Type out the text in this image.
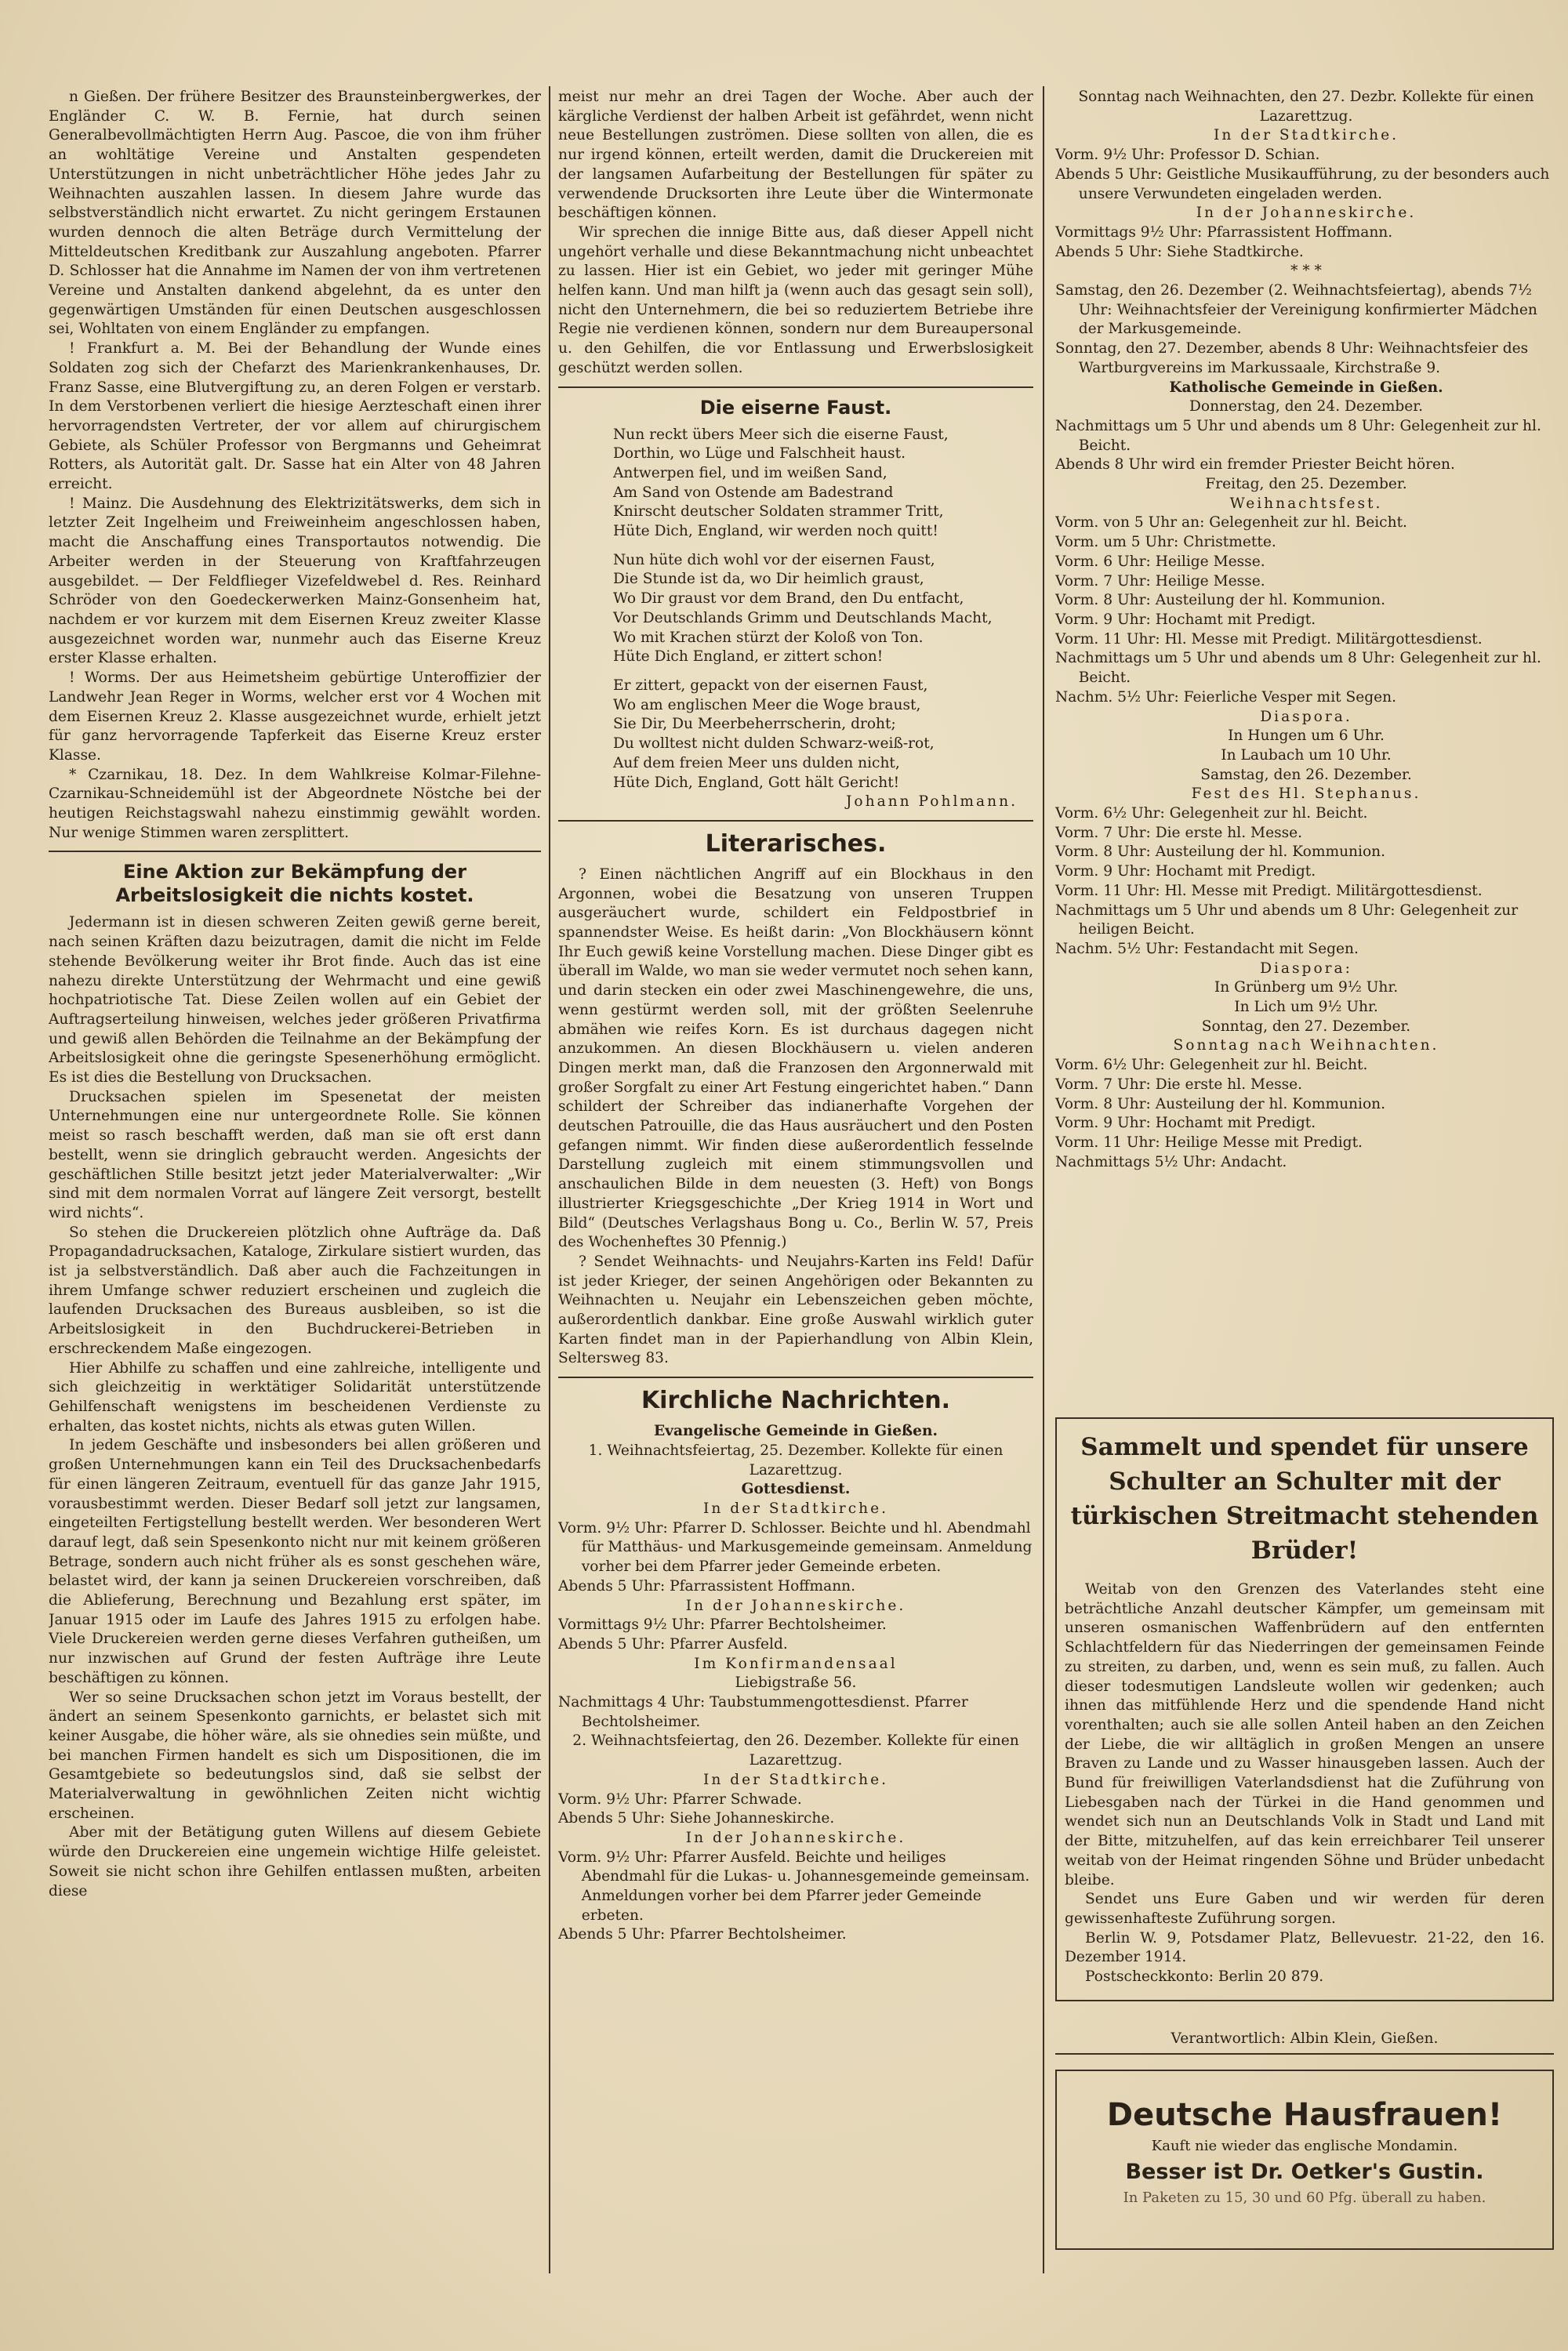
n Gießen. Der frühere Besitzer des Braunsteinbergwerkes, der Engländer C. W. B. Fernie, hat durch seinen Generalbevollmächtigten Herrn Aug. Pascoe, die von ihm früher an wohltätige Vereine und Anstalten gespendeten Unterstützungen in nicht unbeträchtlicher Höhe jedes Jahr zu Weihnachten auszahlen lassen. In diesem Jahre wurde das selbstverständlich nicht erwartet. Zu nicht geringem Erstaunen wurden dennoch die alten Beträge durch Vermittelung der Mitteldeutschen Kreditbank zur Auszahlung angeboten. Pfarrer D. Schlosser hat die Annahme im Namen der von ihm vertretenen Vereine und Anstalten dankend abgelehnt, da es unter den gegenwärtigen Umständen für einen Deutschen ausgeschlossen sei, Wohltaten von einem Engländer zu empfangen.
! Frankfurt a. M. Bei der Behandlung der Wunde eines Soldaten zog sich der Chefarzt des Marienkrankenhauses, Dr. Franz Sasse, eine Blutvergiftung zu, an deren Folgen er verstarb. In dem Verstorbenen verliert die hiesige Aerzteschaft einen ihrer hervorragendsten Vertreter, der vor allem auf chirurgischem Gebiete, als Schüler Professor von Bergmanns und Geheimrat Rotters, als Autorität galt. Dr. Sasse hat ein Alter von 48 Jahren erreicht.
! Mainz. Die Ausdehnung des Elektrizitätswerks, dem sich in letzter Zeit Ingelheim und Freiweinheim angeschlossen haben, macht die Anschaffung eines Transportautos notwendig. Die Arbeiter werden in der Steuerung von Kraftfahrzeugen ausgebildet. — Der Feldflieger Vizefeldwebel d. Res. Reinhard Schröder von den Goedeckerwerken Mainz-Gonsenheim hat, nachdem er vor kurzem mit dem Eisernen Kreuz zweiter Klasse ausgezeichnet worden war, nunmehr auch das Eiserne Kreuz erster Klasse erhalten.
! Worms. Der aus Heimetsheim gebürtige Unteroffizier der Landwehr Jean Reger in Worms, welcher erst vor 4 Wochen mit dem Eisernen Kreuz 2. Klasse ausgezeichnet wurde, erhielt jetzt für ganz hervorragende Tapferkeit das Eiserne Kreuz erster Klasse.
* Czarnikau, 18. Dez. In dem Wahlkreise Kolmar-Filehne-Czarnikau-Schneidemühl ist der Abgeordnete Nöstche bei der heutigen Reichstagswahl nahezu einstimmig gewählt worden. Nur wenige Stimmen waren zersplittert.
Eine Aktion zur Bekämpfung der Arbeitslosigkeit die nichts kostet.
Jedermann ist in diesen schweren Zeiten gewiß gerne bereit, nach seinen Kräften dazu beizutragen, damit die nicht im Felde stehende Bevölkerung weiter ihr Brot finde. Auch das ist eine nahezu direkte Unterstützung der Wehrmacht und eine gewiß hochpatriotische Tat. Diese Zeilen wollen auf ein Gebiet der Auftragserteilung hinweisen, welches jeder größeren Privatfirma und gewiß allen Behörden die Teilnahme an der Bekämpfung der Arbeitslosigkeit ohne die geringste Spesenerhöhung ermöglicht. Es ist dies die Bestellung von Drucksachen.
Drucksachen spielen im Spesenetat der meisten Unternehmungen eine nur untergeordnete Rolle. Sie können meist so rasch beschafft werden, daß man sie oft erst dann bestellt, wenn sie dringlich gebraucht werden. Angesichts der geschäftlichen Stille besitzt jetzt jeder Materialverwalter: „Wir sind mit dem normalen Vorrat auf längere Zeit versorgt, bestellt wird nichts“.
So stehen die Druckereien plötzlich ohne Aufträge da. Daß Propagandadrucksachen, Kataloge, Zirkulare sistiert wurden, das ist ja selbstverständlich. Daß aber auch die Fachzeitungen in ihrem Umfange schwer reduziert erscheinen und zugleich die laufenden Drucksachen des Bureaus ausbleiben, so ist die Arbeitslosigkeit in den Buchdruckerei-Betrieben in erschreckendem Maße eingezogen.
Hier Abhilfe zu schaffen und eine zahlreiche, intelligente und sich gleichzeitig in werktätiger Solidarität unterstützende Gehilfenschaft wenigstens im bescheidenen Verdienste zu erhalten, das kostet nichts, nichts als etwas guten Willen.
In jedem Geschäfte und insbesonders bei allen größeren und großen Unternehmungen kann ein Teil des Drucksachenbedarfs für einen längeren Zeitraum, eventuell für das ganze Jahr 1915, vorausbestimmt werden. Dieser Bedarf soll jetzt zur langsamen, eingeteilten Fertigstellung bestellt werden. Wer besonderen Wert darauf legt, daß sein Spesenkonto nicht nur mit keinem größeren Betrage, sondern auch nicht früher als es sonst geschehen wäre, belastet wird, der kann ja seinen Druckereien vorschreiben, daß die Ablieferung, Berechnung und Bezahlung erst später, im Januar 1915 oder im Laufe des Jahres 1915 zu erfolgen habe. Viele Druckereien werden gerne dieses Verfahren gutheißen, um nur inzwischen auf Grund der festen Aufträge ihre Leute beschäftigen zu können.
Wer so seine Drucksachen schon jetzt im Voraus bestellt, der ändert an seinem Spesenkonto garnichts, er belastet sich mit keiner Ausgabe, die höher wäre, als sie ohnedies sein müßte, und bei manchen Firmen handelt es sich um Dispositionen, die im Gesamtgebiete so bedeutungslos sind, daß sie selbst der Materialverwaltung in gewöhnlichen Zeiten nicht wichtig erscheinen.
Aber mit der Betätigung guten Willens auf diesem Gebiete würde den Druckereien eine ungemein wichtige Hilfe geleistet. Soweit sie nicht schon ihre Gehilfen entlassen mußten, arbeiten diese
meist nur mehr an drei Tagen der Woche. Aber auch der kärgliche Verdienst der halben Arbeit ist gefährdet, wenn nicht neue Bestellungen zuströmen. Diese sollten von allen, die es nur irgend können, erteilt werden, damit die Druckereien mit der langsamen Aufarbeitung der Bestellungen für später zu verwendende Drucksorten ihre Leute über die Wintermonate beschäftigen können.
Wir sprechen die innige Bitte aus, daß dieser Appell nicht ungehört verhalle und diese Bekanntmachung nicht unbeachtet zu lassen. Hier ist ein Gebiet, wo jeder mit geringer Mühe helfen kann. Und man hilft ja (wenn auch das gesagt sein soll), nicht den Unternehmern, die bei so reduziertem Betriebe ihre Regie nie verdienen können, sondern nur dem Bureaupersonal u. den Gehilfen, die vor Entlassung und Erwerbslosigkeit geschützt werden sollen.
Die eiserne Faust.
Nun reckt übers Meer sich die eiserne Faust,
Dorthin, wo Lüge und Falschheit haust.
Antwerpen fiel, und im weißen Sand,
Am Sand von Ostende am Badestrand
Knirscht deutscher Soldaten strammer Tritt,
Hüte Dich, England, wir werden noch quitt!
Nun hüte dich wohl vor der eisernen Faust,
Die Stunde ist da, wo Dir heimlich graust,
Wo Dir graust vor dem Brand, den Du entfacht,
Vor Deutschlands Grimm und Deutschlands Macht,
Wo mit Krachen stürzt der Koloß von Ton.
Hüte Dich England, er zittert schon!
Er zittert, gepackt von der eisernen Faust,
Wo am englischen Meer die Woge braust,
Sie Dir, Du Meerbeherrscherin, droht;
Du wolltest nicht dulden Schwarz-weiß-rot,
Auf dem freien Meer uns dulden nicht,
Hüte Dich, England, Gott hält Gericht!
Johann Pohlmann.
Literarisches.
? Einen nächtlichen Angriff auf ein Blockhaus in den Argonnen, wobei die Besatzung von unseren Truppen ausgeräuchert wurde, schildert ein Feldpostbrief in spannendster Weise. Es heißt darin: „Von Blockhäusern könnt Ihr Euch gewiß keine Vorstellung machen. Diese Dinger gibt es überall im Walde, wo man sie weder vermutet noch sehen kann, und darin stecken ein oder zwei Maschinengewehre, die uns, wenn gestürmt werden soll, mit der größten Seelenruhe abmähen wie reifes Korn. Es ist durchaus dagegen nicht anzukommen. An diesen Blockhäusern u. vielen anderen Dingen merkt man, daß die Franzosen den Argonnerwald mit großer Sorgfalt zu einer Art Festung eingerichtet haben.“ Dann schildert der Schreiber das indianerhafte Vorgehen der deutschen Patrouille, die das Haus ausräuchert und den Posten gefangen nimmt. Wir finden diese außerordentlich fesselnde Darstellung zugleich mit einem stimmungsvollen und anschaulichen Bilde in dem neuesten (3. Heft) von Bongs illustrierter Kriegsgeschichte „Der Krieg 1914 in Wort und Bild“ (Deutsches Verlagshaus Bong u. Co., Berlin W. 57, Preis des Wochenheftes 30 Pfennig.)
? Sendet Weihnachts- und Neujahrs-Karten ins Feld! Dafür ist jeder Krieger, der seinen Angehörigen oder Bekannten zu Weihnachten u. Neujahr ein Lebenszeichen geben möchte, außerordentlich dankbar. Eine große Auswahl wirklich guter Karten findet man in der Papierhandlung von Albin Klein, Seltersweg 83.
Kirchliche Nachrichten.
Evangelische Gemeinde in Gießen.
1. Weihnachtsfeiertag, 25. Dezember. Kollekte für einen Lazarettzug.
Gottesdienst.
In der Stadtkirche.
Vorm. 9½ Uhr: Pfarrer D. Schlosser. Beichte und hl. Abendmahl für Matthäus- und Markusgemeinde gemeinsam. Anmeldung vorher bei dem Pfarrer jeder Gemeinde erbeten.
Abends 5 Uhr: Pfarrassistent Hoffmann.
In der Johanneskirche.
Vormittags 9½ Uhr: Pfarrer Bechtolsheimer.
Abends 5 Uhr: Pfarrer Ausfeld.
Im Konfirmandensaal
Liebigstraße 56.
Nachmittags 4 Uhr: Taubstummengottesdienst. Pfarrer Bechtolsheimer.
2. Weihnachtsfeiertag, den 26. Dezember. Kollekte für einen Lazarettzug.
In der Stadtkirche.
Vorm. 9½ Uhr: Pfarrer Schwade.
Abends 5 Uhr: Siehe Johanneskirche.
In der Johanneskirche.
Vorm. 9½ Uhr: Pfarrer Ausfeld. Beichte und heiliges Abendmahl für die Lukas- u. Johannesgemeinde gemeinsam. Anmeldungen vorher bei dem Pfarrer jeder Gemeinde erbeten.
Abends 5 Uhr: Pfarrer Bechtolsheimer.
Sonntag nach Weihnachten, den 27. Dezbr. Kollekte für einen Lazarettzug.
In der Stadtkirche.
Vorm. 9½ Uhr: Professor D. Schian.
Abends 5 Uhr: Geistliche Musikaufführung, zu der besonders auch unsere Verwundeten eingeladen werden.
In der Johanneskirche.
Vormittags 9½ Uhr: Pfarrassistent Hoffmann.
Abends 5 Uhr: Siehe Stadtkirche.
* * *
Samstag, den 26. Dezember (2. Weihnachtsfeiertag), abends 7½ Uhr: Weihnachtsfeier der Vereinigung konfirmierter Mädchen der Markusgemeinde.
Sonntag, den 27. Dezember, abends 8 Uhr: Weihnachtsfeier des Wartburgvereins im Markussaale, Kirchstraße 9.
Katholische Gemeinde in Gießen.
Donnerstag, den 24. Dezember.
Nachmittags um 5 Uhr und abends um 8 Uhr: Gelegenheit zur hl. Beicht.
Abends 8 Uhr wird ein fremder Priester Beicht hören.
Freitag, den 25. Dezember.
Weihnachtsfest.
Vorm. von 5 Uhr an: Gelegenheit zur hl. Beicht.
Vorm. um 5 Uhr: Christmette.
Vorm. 6 Uhr: Heilige Messe.
Vorm. 7 Uhr: Heilige Messe.
Vorm. 8 Uhr: Austeilung der hl. Kommunion.
Vorm. 9 Uhr: Hochamt mit Predigt.
Vorm. 11 Uhr: Hl. Messe mit Predigt. Militärgottesdienst.
Nachmittags um 5 Uhr und abends um 8 Uhr: Gelegenheit zur hl. Beicht.
Nachm. 5½ Uhr: Feierliche Vesper mit Segen.
Diaspora.
In Hungen um 6 Uhr.
In Laubach um 10 Uhr.
Samstag, den 26. Dezember.
Fest des Hl. Stephanus.
Vorm. 6½ Uhr: Gelegenheit zur hl. Beicht.
Vorm. 7 Uhr: Die erste hl. Messe.
Vorm. 8 Uhr: Austeilung der hl. Kommunion.
Vorm. 9 Uhr: Hochamt mit Predigt.
Vorm. 11 Uhr: Hl. Messe mit Predigt. Militärgottesdienst.
Nachmittags um 5 Uhr und abends um 8 Uhr: Gelegenheit zur heiligen Beicht.
Nachm. 5½ Uhr: Festandacht mit Segen.
Diaspora:
In Grünberg um 9½ Uhr.
In Lich um 9½ Uhr.
Sonntag, den 27. Dezember.
Sonntag nach Weihnachten.
Vorm. 6½ Uhr: Gelegenheit zur hl. Beicht.
Vorm. 7 Uhr: Die erste hl. Messe.
Vorm. 8 Uhr: Austeilung der hl. Kommunion.
Vorm. 9 Uhr: Hochamt mit Predigt.
Vorm. 11 Uhr: Heilige Messe mit Predigt.
Nachmittags 5½ Uhr: Andacht.
Sammelt und spendet für unsere Schulter an Schulter mit der türkischen Streitmacht stehenden Brüder!

Weitab von den Grenzen des Vaterlandes steht eine beträchtliche Anzahl deutscher Kämpfer, um gemeinsam mit unseren osmanischen Waffenbrüdern auf den entfernten Schlachtfeldern für das Niederringen der gemeinsamen Feinde zu streiten, zu darben, und, wenn es sein muß, zu fallen. Auch dieser todesmutigen Landsleute wollen wir gedenken; auch ihnen das mitfühlende Herz und die spendende Hand nicht vorenthalten; auch sie alle sollen Anteil haben an den Zeichen der Liebe, die wir alltäglich in großen Mengen an unsere Braven zu Lande und zu Wasser hinausgeben lassen. Auch der Bund für freiwilligen Vaterlandsdienst hat die Zuführung von Liebesgaben nach der Türkei in die Hand genommen und wendet sich nun an Deutschlands Volk in Stadt und Land mit der Bitte, mitzuhelfen, auf das kein erreichbarer Teil unserer weitab von der Heimat ringenden Söhne und Brüder unbedacht bleibe.

Sendet uns Eure Gaben und wir werden für deren gewissenhafteste Zuführung sorgen.

Berlin W. 9, Potsdamer Platz, Bellevuestr. 21-22, den 16. Dezember 1914.

Postscheckkonto: Berlin 20 879.

Verantwortlich: Albin Klein, Gießen.
Deutsche Hausfrauen!
Kauft nie wieder das englische Mondamin.
Besser ist Dr. Oetker's Gustin.
In Paketen zu 15, 30 und 60 Pfg. überall zu haben.
